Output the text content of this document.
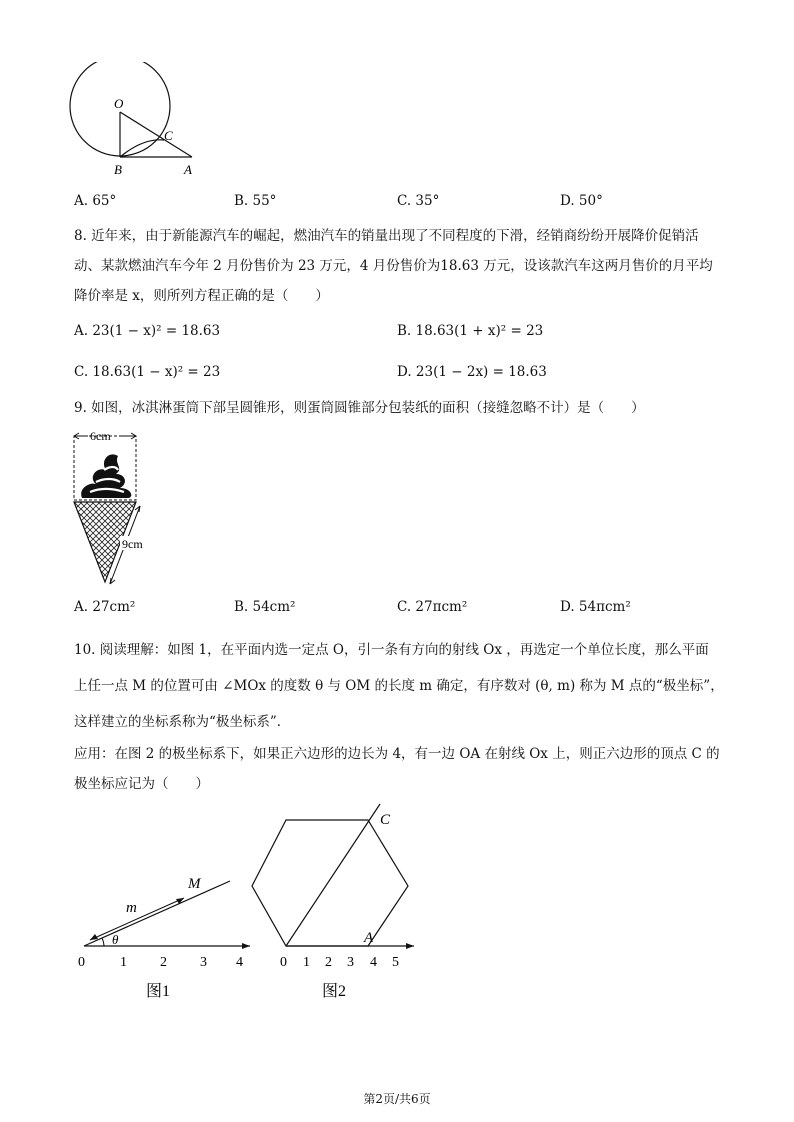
O
C
B	A
A. 65°	B. 55°	C. 35°	D. 50°
8. 近年来，由于新能源汽车的崛起，燃油汽车的销量出现了不同程度的下滑，经销商纷纷开展降价促销活
动、某款燃油汽车今年 2 月份售价为 23 万元，4 月份售价为18.63 万元，设该款汽车这两月售价的月平均
降价率是 x，则所列方程正确的是（　　）
A. 23(1 − x)² = 18.63	B. 18.63(1 + x)² = 23
C. 18.63(1 − x)² = 23	D. 23(1 − 2x) = 18.63
9. 如图，冰淇淋蛋筒下部呈圆锥形，则蛋筒圆锥部分包装纸的面积（接缝忽略不计）是（　　）
6cm
9cm
A. 27cm²	B. 54cm²	C. 27πcm²	D. 54πcm²
10. 阅读理解：如图 1，在平面内选一定点 O，引一条有方向的射线 Ox ，再选定一个单位长度，那么平面
上任一点 M 的位置可由 ∠MOx 的度数 θ 与 OM 的长度 m 确定，有序数对 (θ, m) 称为 M 点的“极坐标”，
这样建立的坐标系称为“极坐标系”．
应用：在图 2 的极坐标系下，如果正六边形的边长为 4，有一边 OA 在射线 Ox 上，则正六边形的顶点 C 的
极坐标应记为（　　）
M
m
θ
0	1 2 3 4
图1
C
A
0 1 2 3 4 5
图2
第2页/共6页
